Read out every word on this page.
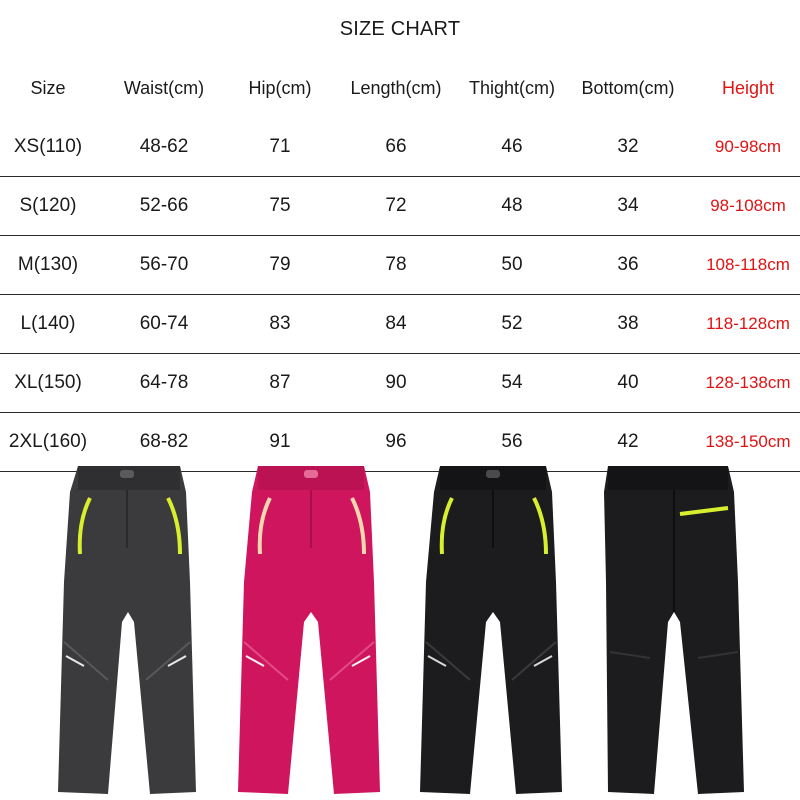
SIZE CHART
Size	Waist(cm)	Hip(cm)	Length(cm)	Thight(cm)	Bottom(cm)	Height
XS(110)	48-62	71	66	46	32	90-98cm
S(120)	52-66	75	72	48	34	98-108cm
M(130)	56-70	79	78	50	36	108-118cm
L(140)	60-74	83	84	52	38	118-128cm
XL(150)	64-78	87	90	54	40	128-138cm
2XL(160)	68-82	91	96	56	42	138-150cm
